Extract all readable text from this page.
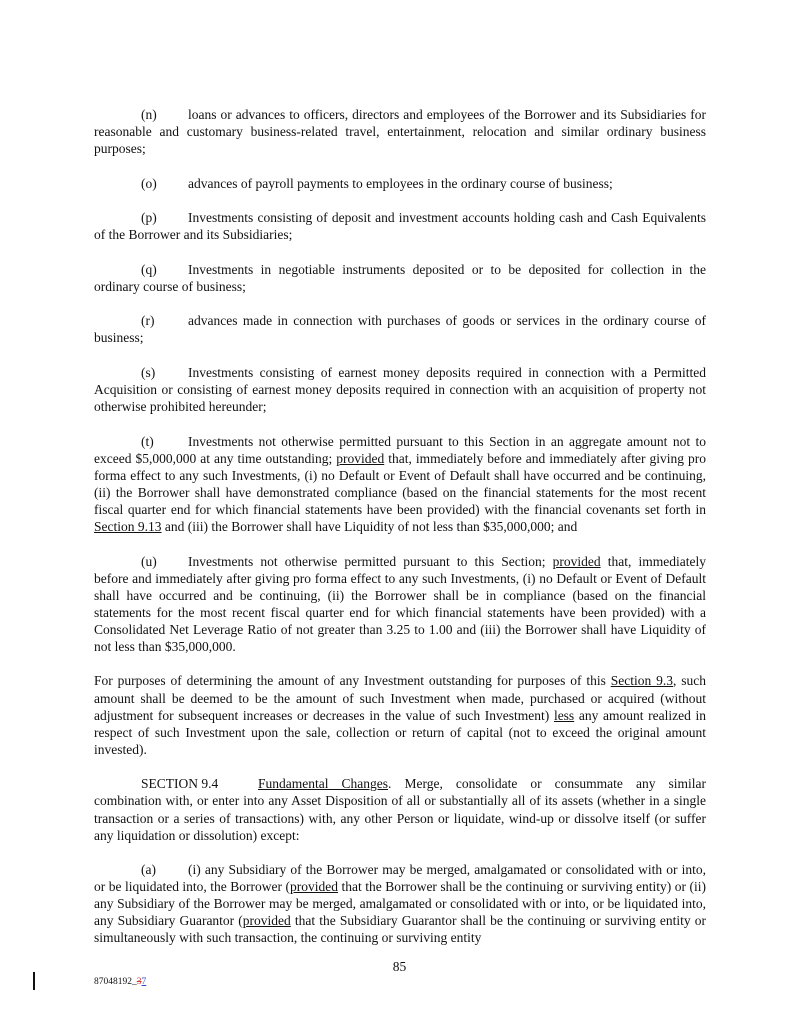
(n) loans or advances to officers, directors and employees of the Borrower and its Subsidiaries for reasonable and customary business-related travel, entertainment, relocation and similar ordinary business purposes;

(o) advances of payroll payments to employees in the ordinary course of business;

(p) Investments consisting of deposit and investment accounts holding cash and Cash Equivalents of the Borrower and its Subsidiaries;

(q) Investments in negotiable instruments deposited or to be deposited for collection in the ordinary course of business;

(r) advances made in connection with purchases of goods or services in the ordinary course of business;

(s) Investments consisting of earnest money deposits required in connection with a Permitted Acquisition or consisting of earnest money deposits required in connection with an acquisition of property not otherwise prohibited hereunder;

(t)	Investments not otherwise permitted pursuant to this Section in an aggregate amount not to exceed $5,000,000 at any time outstanding; provided that, immediately before and immediately after giving pro forma effect to any such Investments, (i) no Default or Event of Default shall have occurred and be continuing, (ii) the Borrower shall have demonstrated compliance (based on the financial statements for the most recent fiscal quarter end for which financial statements have been provided) with the financial covenants set forth in Section 9.13 and (iii) the Borrower shall have Liquidity of not less than $35,000,000; and

(u) Investments not otherwise permitted pursuant to this Section; provided that, immediately before and immediately after giving pro forma effect to any such Investments, (i) no Default or Event of Default shall have occurred and be continuing, (ii) the Borrower shall be in compliance (based on the financial statements for the most recent fiscal quarter end for which financial statements have been provided) with a Consolidated Net Leverage Ratio of not greater than 3.25 to 1.00 and (iii) the Borrower shall have Liquidity of not less than $35,000,000.

For purposes of determining the amount of any Investment outstanding for purposes of this Section 9.3, such amount shall be deemed to be the amount of such Investment when made, purchased or acquired (without adjustment for subsequent increases or decreases in the value of such Investment) less any amount realized in respect of such Investment upon the sale, collection or return of capital (not to exceed the original amount invested).

SECTION 9.4	Fundamental Changes. Merge, consolidate or consummate any similar combination with, or enter into any Asset Disposition of all or substantially all of its assets (whether in a single transaction or a series of transactions) with, any other Person or liquidate, wind-up or dissolve itself (or suffer any liquidation or dissolution) except:

(a) (i) any Subsidiary of the Borrower may be merged, amalgamated or consolidated with or into, or be liquidated into, the Borrower (provided that the Borrower shall be the continuing or surviving entity) or (ii) any Subsidiary of the Borrower may be merged, amalgamated or consolidated with or into, or be liquidated into, any Subsidiary Guarantor (provided that the Subsidiary Guarantor shall be the continuing or surviving entity or simultaneously with such transaction, the continuing or surviving entity

85
87048192_37
